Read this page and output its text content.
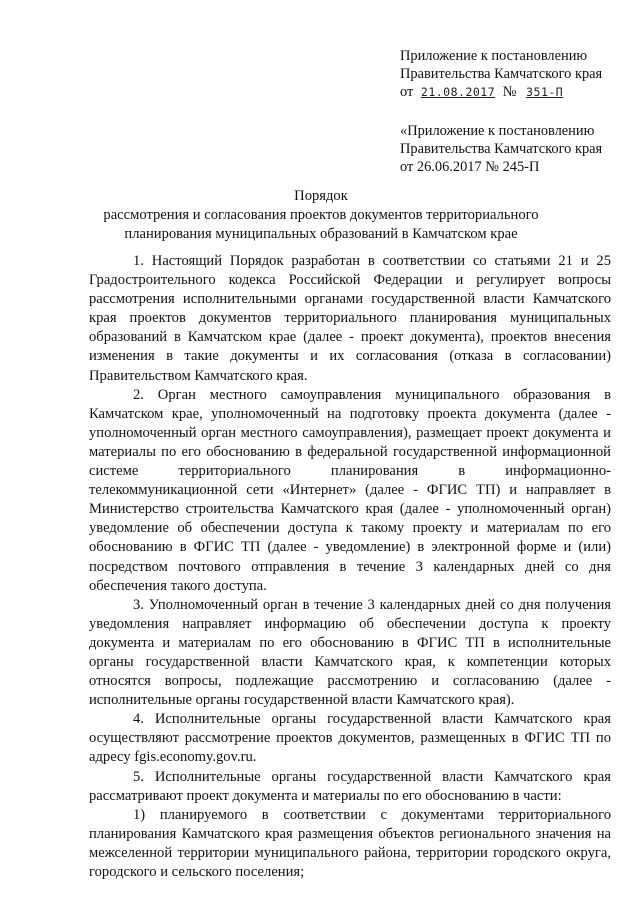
Приложение к постановлению
Правительства Камчатского края
от 21.08.2017 № 351-П
«Приложение к постановлению
Правительства Камчатского края
от 26.06.2017 № 245-П
Порядок
рассмотрения и согласования проектов документов территориального планирования муниципальных образований в Камчатском крае

1. Настоящий Порядок разработан в соответствии со статьями 21 и 25 Градостроительного кодекса Российской Федерации и регулирует вопросы рассмотрения исполнительными органами государственной власти Камчатского края проектов документов территориального планирования муниципальных образований в Камчатском крае (далее - проект документа), проектов внесения изменения в такие документы и их согласования (отказа в согласовании) Правительством Камчатского края.

2. Орган местного самоуправления муниципального образования в Камчатском крае, уполномоченный на подготовку проекта документа (далее - уполномоченный орган местного самоуправления), размещает проект документа и материалы по его обоснованию в федеральной государственной информационной системе территориального планирования в информационно-телекоммуникационной сети «Интернет» (далее - ФГИС ТП) и направляет в Министерство строительства Камчатского края (далее - уполномоченный орган) уведомление об обеспечении доступа к такому проекту и материалам по его обоснованию в ФГИС ТП (далее - уведомление) в электронной форме и (или) посредством почтового отправления в течение 3 календарных дней со дня обеспечения такого доступа.

3. Уполномоченный орган в течение 3 календарных дней со дня получения уведомления направляет информацию об обеспечении доступа к проекту документа и материалам по его обоснованию в ФГИС ТП в исполнительные органы государственной власти Камчатского края, к компетенции которых относятся вопросы, подлежащие рассмотрению и согласованию (далее - исполнительные органы государственной власти Камчатского края).

4. Исполнительные органы государственной власти Камчатского края осуществляют рассмотрение проектов документов, размещенных в ФГИС ТП по адресу fgis.economy.gov.ru.

5. Исполнительные органы государственной власти Камчатского края рассматривают проект документа и материалы по его обоснованию в части:

1) планируемого в соответствии с документами территориального планирования Камчатского края размещения объектов регионального значения на межселенной территории муниципального района, территории городского округа, городского и сельского поселения;
